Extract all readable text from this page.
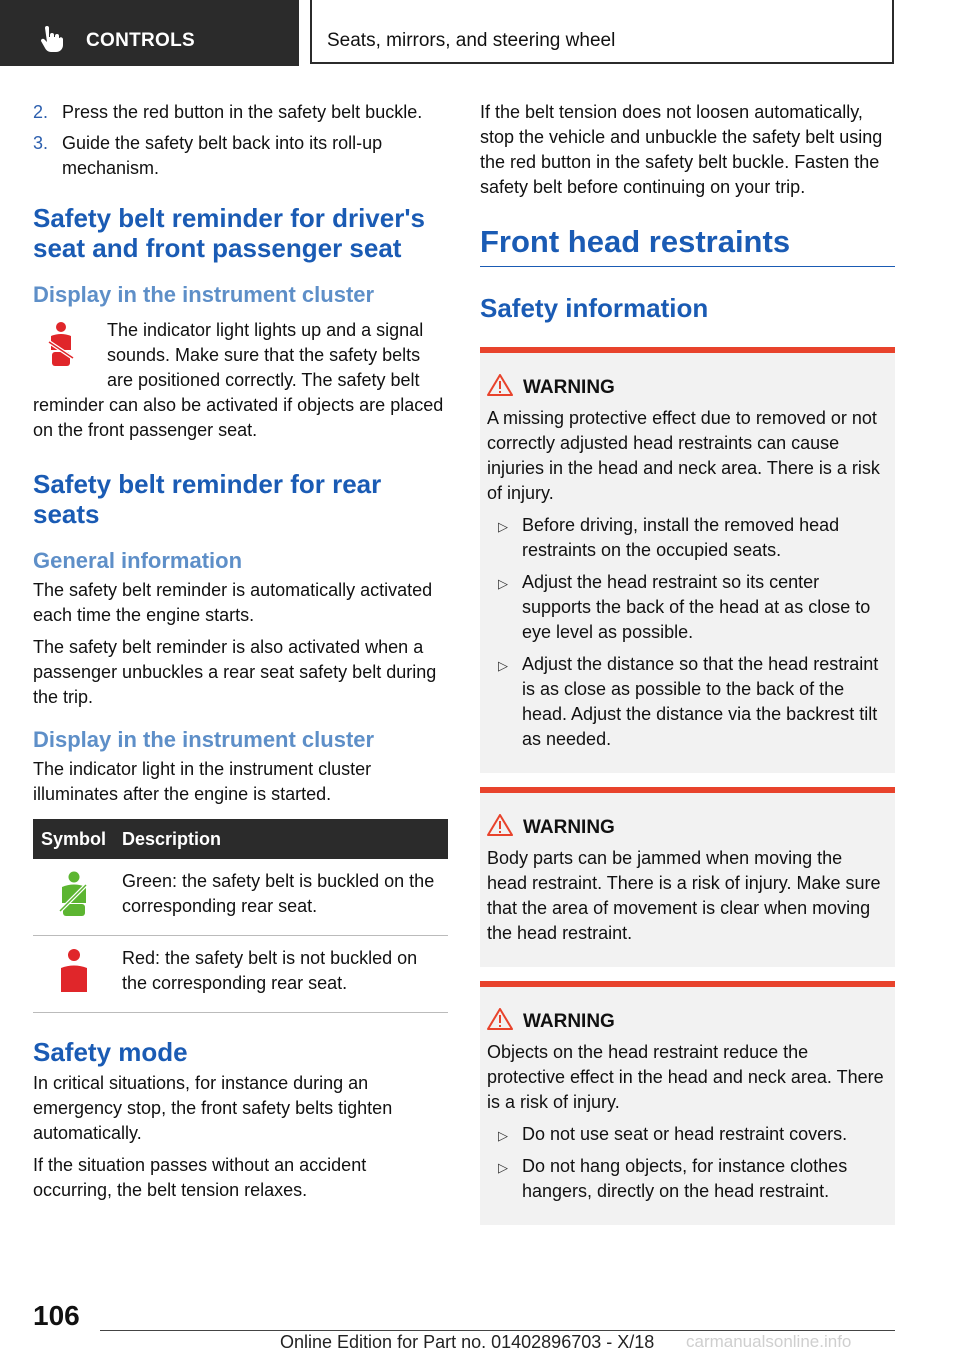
CONTROLS	Seats, mirrors, and steering wheel
2. Press the red button in the safety belt buckle.
3. Guide the safety belt back into its roll-up mechanism.
Safety belt reminder for driver's seat and front passenger seat
Display in the instrument cluster

The indicator light lights up and a signal sounds. Make sure that the safety belts are positioned correctly. The safety belt reminder can also be activated if objects are placed on the front passenger seat.

Safety belt reminder for rear seats
General information

The safety belt reminder is automatically activated each time the engine starts.

The safety belt reminder is also activated when a passenger unbuckles a rear seat safety belt during the trip.

Display in the instrument cluster

The indicator light in the instrument cluster illuminates after the engine is started.

Symbol	Description
	Green: the safety belt is buckled on the corresponding rear seat.
	Red: the safety belt is not buckled on the corresponding rear seat.
Safety mode

In critical situations, for instance during an emergency stop, the front safety belts tighten automatically.

If the situation passes without an accident occurring, the belt tension relaxes.

If the belt tension does not loosen automatically, stop the vehicle and unbuckle the safety belt using the red button in the safety belt buckle. Fasten the safety belt before continuing on your trip.

Front head restraints
Safety information
WARNING

A missing protective effect due to removed or not correctly adjusted head restraints can cause injuries in the head and neck area. There is a risk of injury.

▷ Before driving, install the removed head restraints on the occupied seats.
▷ Adjust the head restraint so its center supports the back of the head at as close to eye level as possible.
▷ Adjust the distance so that the head restraint is as close as possible to the back of the head. Adjust the distance via the backrest tilt as needed.
WARNING

Body parts can be jammed when moving the head restraint. There is a risk of injury. Make sure that the area of movement is clear when moving the head restraint.

WARNING

Objects on the head restraint reduce the protective effect in the head and neck area. There is a risk of injury.

▷ Do not use seat or head restraint covers.
▷ Do not hang objects, for instance clothes hangers, directly on the head restraint.
106
Online Edition for Part no. 01402896703 - X/18 carmanualsonline.info
